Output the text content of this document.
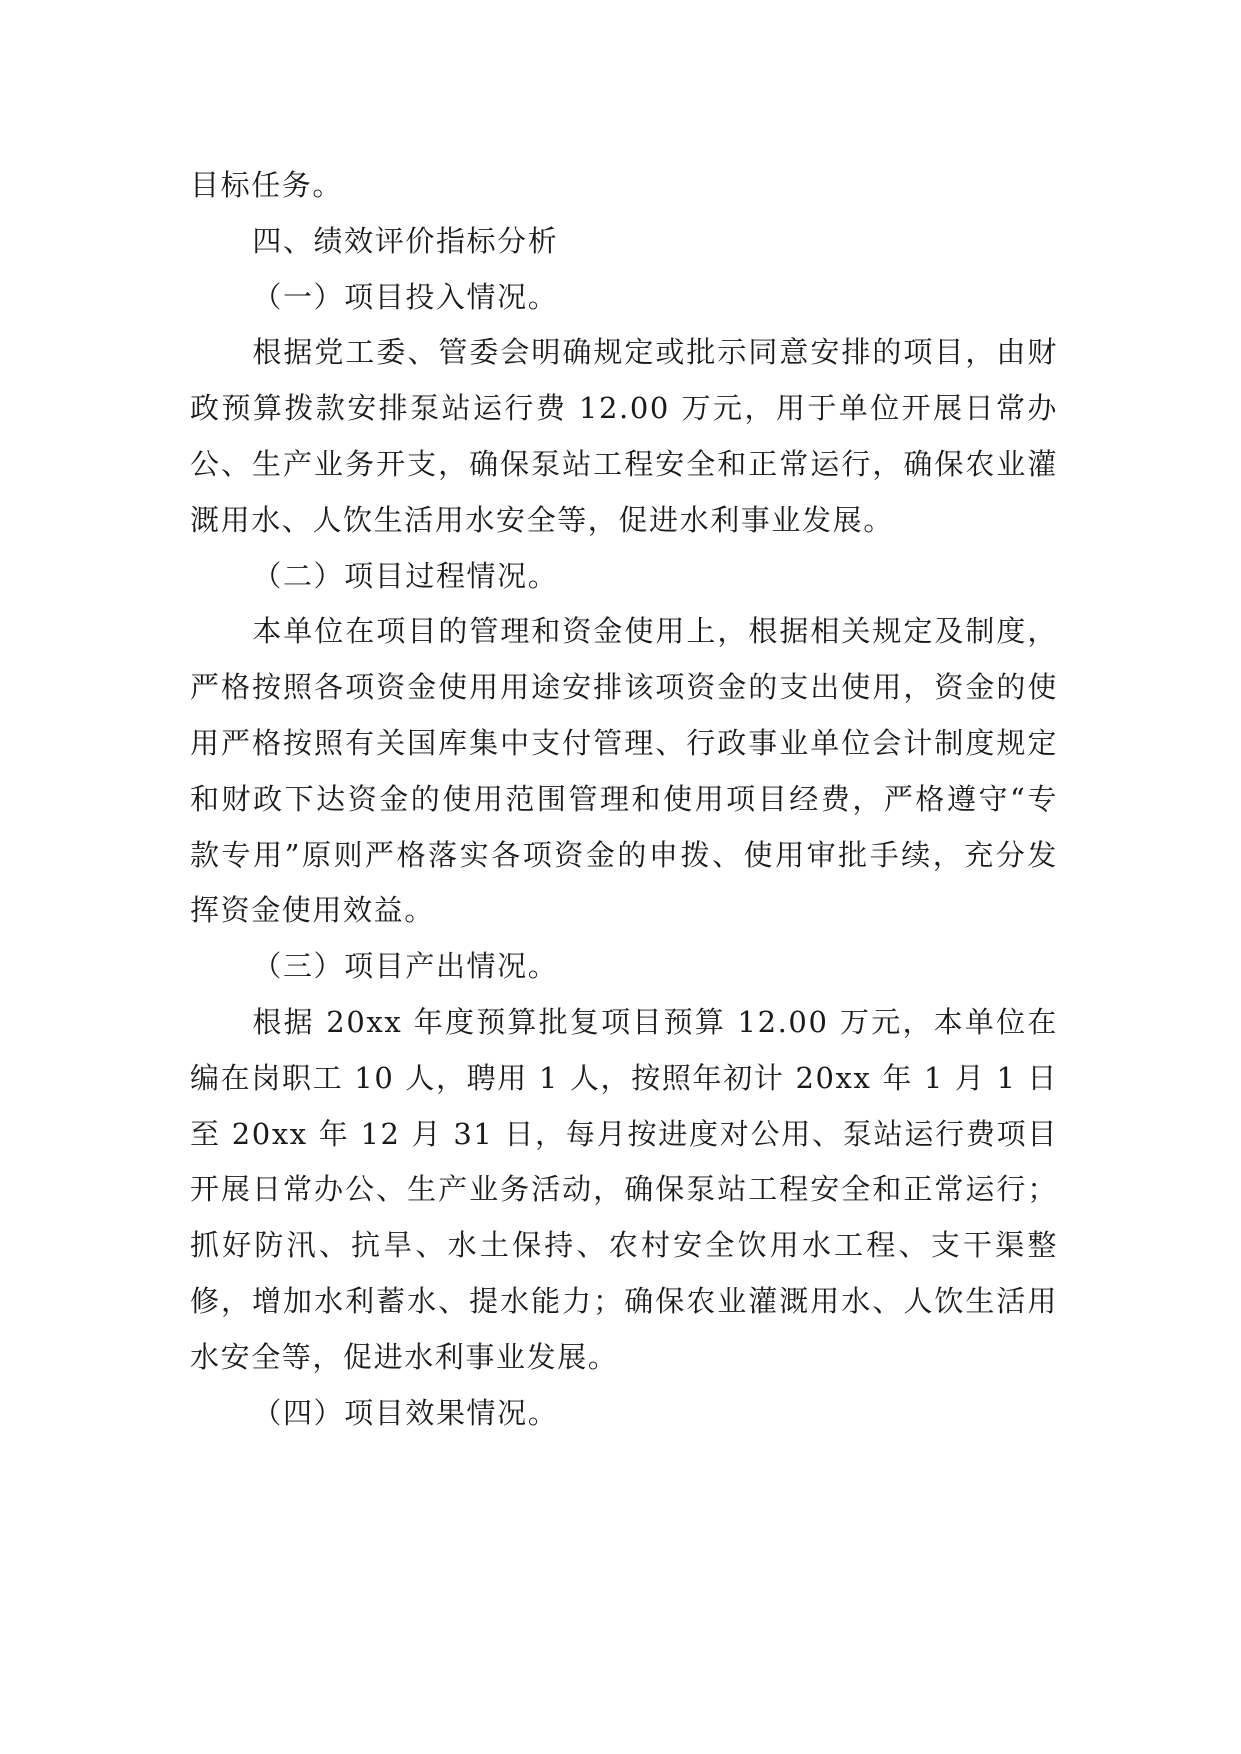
目标任务。

四、绩效评价指标分析

（一）项目投入情况。

根据党工委、管委会明确规定或批示同意安排的项目，由财政预算拨款安排泵站运行费 12.00 万元，用于单位开展日常办公、生产业务开支，确保泵站工程安全和正常运行，确保农业灌溉用水、人饮生活用水安全等，促进水利事业发展。

（二）项目过程情况。

本单位在项目的管理和资金使用上，根据相关规定及制度，严格按照各项资金使用用途安排该项资金的支出使用，资金的使用严格按照有关国库集中支付管理、行政事业单位会计制度规定和财政下达资金的使用范围管理和使用项目经费，严格遵守“专款专用”原则严格落实各项资金的申拨、使用审批手续，充分发挥资金使用效益。

（三）项目产出情况。

根据 20xx 年度预算批复项目预算 12.00 万元，本单位在编在岗职工 10 人，聘用 1 人，按照年初计 20xx 年 1 月 1 日至 20xx 年 12 月 31 日，每月按进度对公用、泵站运行费项目开展日常办公、生产业务活动，确保泵站工程安全和正常运行；抓好防汛、抗旱、水土保持、农村安全饮用水工程、支干渠整修，增加水利蓄水、提水能力；确保农业灌溉用水、人饮生活用水安全等，促进水利事业发展。

（四）项目效果情况。
